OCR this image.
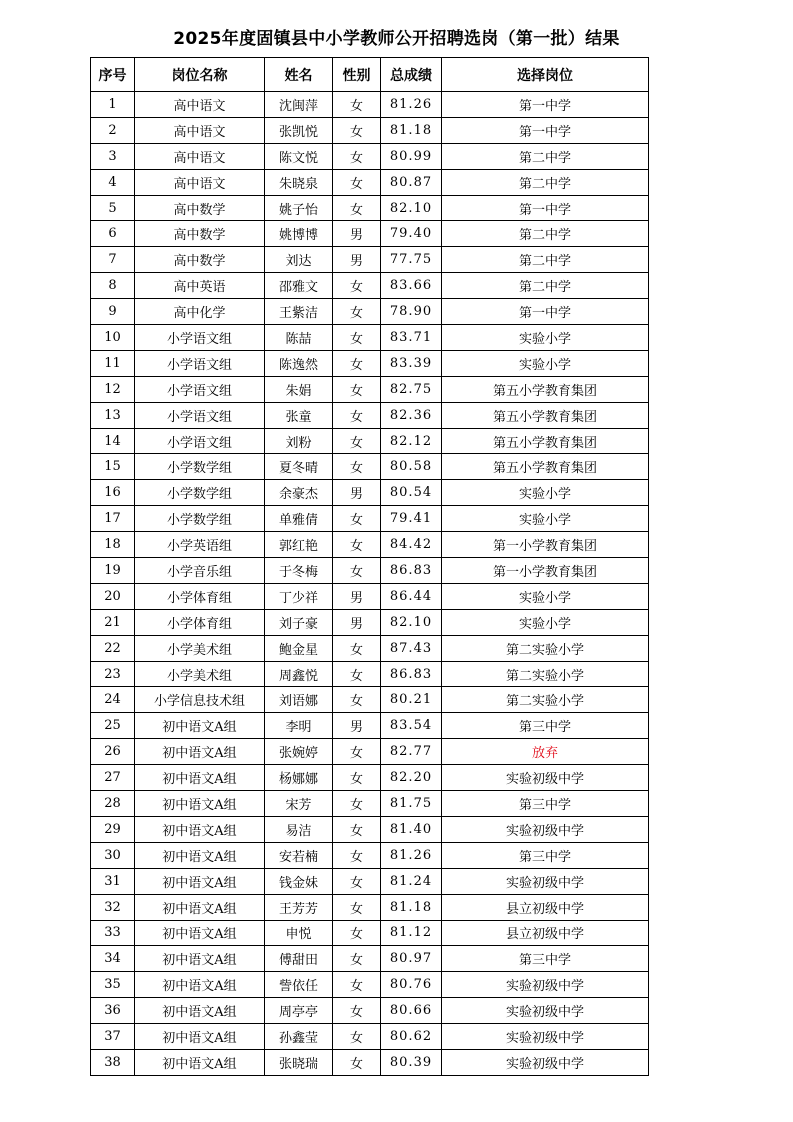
2025年度固镇县中小学教师公开招聘选岗（第一批）结果
序号	岗位名称	姓名	性别	总成绩	选择岗位
1	高中语文	沈闽萍	女	81.26	第一中学
2	高中语文	张凯悦	女	81.18	第一中学
3	高中语文	陈文悦	女	80.99	第二中学
4	高中语文	朱晓泉	女	80.87	第二中学
5	高中数学	姚子怡	女	82.10	第一中学
6	高中数学	姚博博	男	79.40	第二中学
7	高中数学	刘达	男	77.75	第二中学
8	高中英语	邵雅文	女	83.66	第二中学
9	高中化学	王紫洁	女	78.90	第一中学
10	小学语文组	陈喆	女	83.71	实验小学
11	小学语文组	陈逸然	女	83.39	实验小学
12	小学语文组	朱娟	女	82.75	第五小学教育集团
13	小学语文组	张童	女	82.36	第五小学教育集团
14	小学语文组	刘粉	女	82.12	第五小学教育集团
15	小学数学组	夏冬晴	女	80.58	第五小学教育集团
16	小学数学组	余豪杰	男	80.54	实验小学
17	小学数学组	单雅倩	女	79.41	实验小学
18	小学英语组	郭红艳	女	84.42	第一小学教育集团
19	小学音乐组	于冬梅	女	86.83	第一小学教育集团
20	小学体育组	丁少祥	男	86.44	实验小学
21	小学体育组	刘子豪	男	82.10	实验小学
22	小学美术组	鲍金星	女	87.43	第二实验小学
23	小学美术组	周鑫悦	女	86.83	第二实验小学
24	小学信息技术组	刘语娜	女	80.21	第二实验小学
25	初中语文A组	李明	男	83.54	第三中学
26	初中语文A组	张婉婷	女	82.77	放弃
27	初中语文A组	杨娜娜	女	82.20	实验初级中学
28	初中语文A组	宋芳	女	81.75	第三中学
29	初中语文A组	易洁	女	81.40	实验初级中学
30	初中语文A组	安若楠	女	81.26	第三中学
31	初中语文A组	钱金妹	女	81.24	实验初级中学
32	初中语文A组	王芳芳	女	81.18	县立初级中学
33	初中语文A组	申悦	女	81.12	县立初级中学
34	初中语文A组	傅甜田	女	80.97	第三中学
35	初中语文A组	訾依任	女	80.76	实验初级中学
36	初中语文A组	周亭亭	女	80.66	实验初级中学
37	初中语文A组	孙鑫莹	女	80.62	实验初级中学
38	初中语文A组	张晓瑞	女	80.39	实验初级中学
